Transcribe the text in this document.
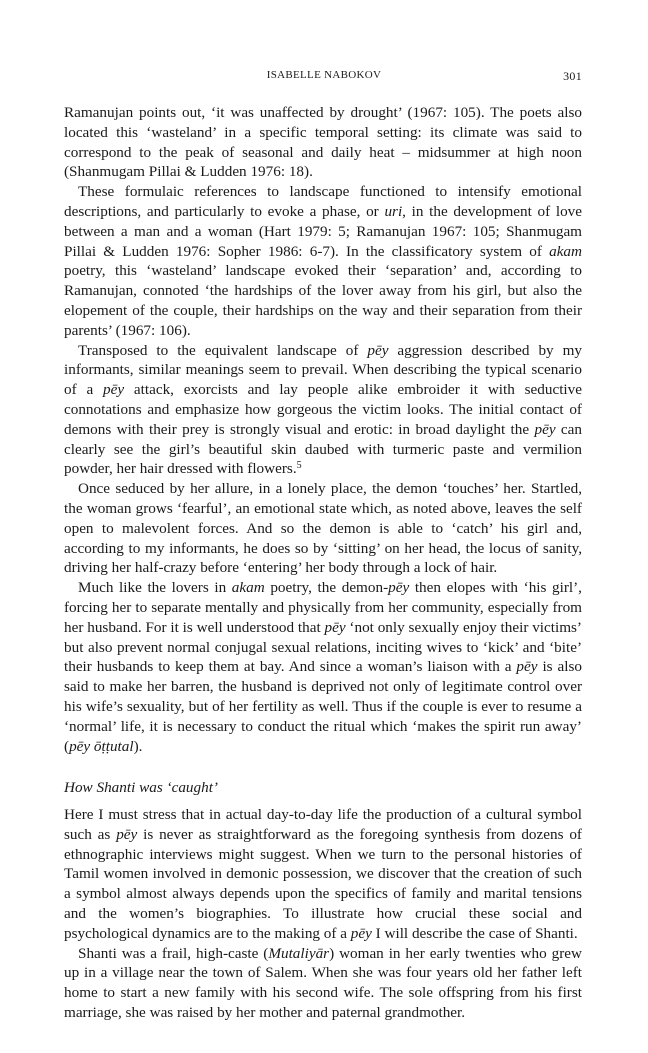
ISABELLE NABOKOV	301

Ramanujan points out, ‘it was unaffected by drought’ (1967: 105). The poets also located this ‘wasteland’ in a specific temporal setting: its climate was said to correspond to the peak of seasonal and daily heat – midsummer at high noon (Shanmugam Pillai & Ludden 1976: 18).

These formulaic references to landscape functioned to intensify emotional descriptions, and particularly to evoke a phase, or uri, in the development of love between a man and a woman (Hart 1979: 5; Ramanujan 1967: 105; Shanmugam Pillai & Ludden 1976: Sopher 1986: 6-7). In the classificatory system of akam poetry, this ‘wasteland’ landscape evoked their ‘separation’ and, according to Ramanujan, connoted ‘the hardships of the lover away from his girl, but also the elopement of the couple, their hardships on the way and their separation from their parents’ (1967: 106).

Transposed to the equivalent landscape of pēy aggression described by my informants, similar meanings seem to prevail. When describing the typical scenario of a pēy attack, exorcists and lay people alike embroider it with seductive connotations and emphasize how gorgeous the victim looks. The initial contact of demons with their prey is strongly visual and erotic: in broad daylight the pēy can clearly see the girl’s beautiful skin daubed with turmeric paste and vermilion powder, her hair dressed with flowers.$^5$

Once seduced by her allure, in a lonely place, the demon ‘touches’ her. Startled, the woman grows ‘fearful’, an emotional state which, as noted above, leaves the self open to malevolent forces. And so the demon is able to ‘catch’ his girl and, according to my informants, he does so by ‘sitting’ on her head, the locus of sanity, driving her half-crazy before ‘entering’ her body through a lock of hair.

Much like the lovers in akam poetry, the demon-pēy then elopes with ‘his girl’, forcing her to separate mentally and physically from her community, especially from her husband. For it is well understood that pēy ‘not only sexually enjoy their victims’ but also prevent normal conjugal sexual relations, inciting wives to ‘kick’ and ‘bite’ their husbands to keep them at bay. And since a woman’s liaison with a pēy is also said to make her barren, the husband is deprived not only of legitimate control over his wife’s sexuality, but of her fertility as well. Thus if the couple is ever to resume a ‘normal’ life, it is necessary to conduct the ritual which ‘makes the spirit run away’ (pēy ōṭṭutal).

How Shanti was ‘caught’

Here I must stress that in actual day-to-day life the production of a cultural symbol such as pēy is never as straightforward as the foregoing synthesis from dozens of ethnographic interviews might suggest. When we turn to the personal histories of Tamil women involved in demonic possession, we discover that the creation of such a symbol almost always depends upon the specifics of family and marital tensions and the women’s biographies. To illustrate how crucial these social and psychological dynamics are to the making of a pēy I will describe the case of Shanti.

Shanti was a frail, high-caste (Mutaliyār) woman in her early twenties who grew up in a village near the town of Salem. When she was four years old her father left home to start a new family with his second wife. The sole offspring from his first marriage, she was raised by her mother and paternal grandmother.
